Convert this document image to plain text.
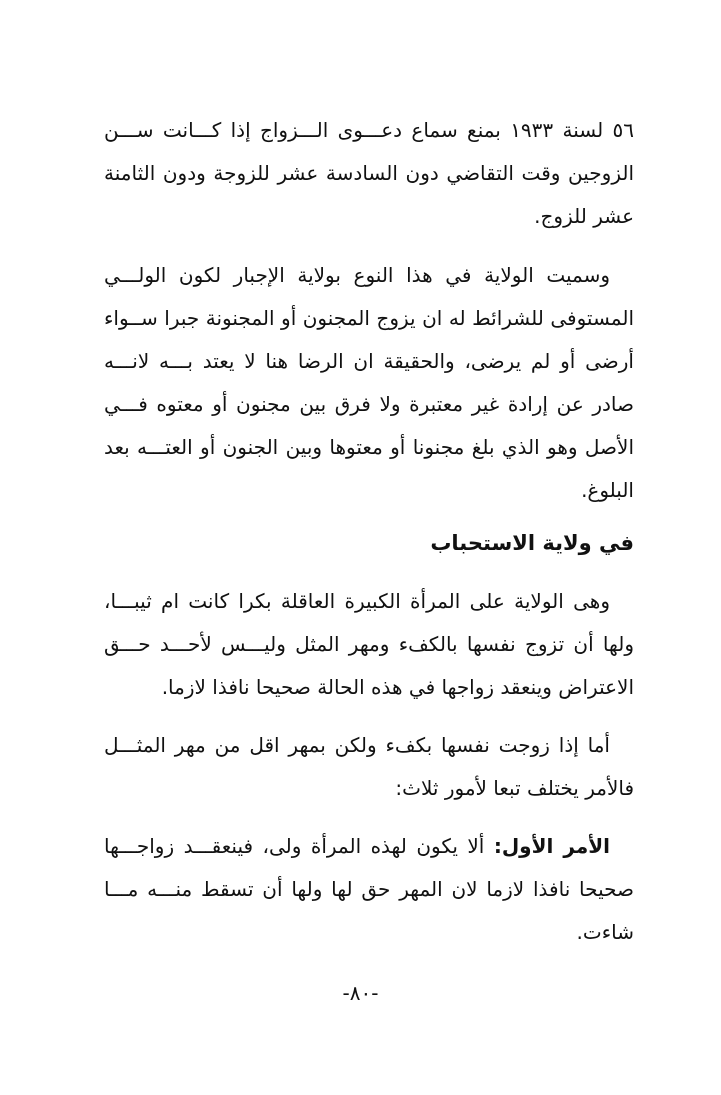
٥٦ لسنة ١٩٣٣ بمنع سماع دعـــوى الـــزواج إذا كـــانت ســـن الزوجين وقت التقاضي دون السادسة عشر للزوجة ودون الثامنة عشر للزوج.
وسميت الولاية في هذا النوع بولاية الإجبار لكون الولـــي المستوفى للشرائط له ان يزوج المجنون أو المجنونة جبرا ســواء أرضى أو لم يرضى، والحقيقة ان الرضا هنا لا يعتد بـــه لانـــه صادر عن إرادة غير معتبرة ولا فرق بين مجنون أو معتوه فـــي الأصل وهو الذي بلغ مجنونا أو معتوها وبين الجنون أو العتـــه بعد البلوغ.
في ولاية الاستحباب
وهى الولاية على المرأة الكبيرة العاقلة بكرا كانت ام ثيبـــا، ولها أن تزوج نفسها بالكفء ومهر المثل وليـــس لأحـــد حـــق الاعتراض وينعقد زواجها في هذه الحالة صحيحا نافذا لازما.
أما إذا زوجت نفسها بكفء ولكن بمهر اقل من مهر المثـــل فالأمر يختلف تبعا لأمور ثلاث:
الأمر الأول: ألا يكون لهذه المرأة ولى، فينعقـــد زواجـــها صحيحا نافذا لازما لان المهر حق لها ولها أن تسقط منـــه مـــا شاءت.
-٨٠-
